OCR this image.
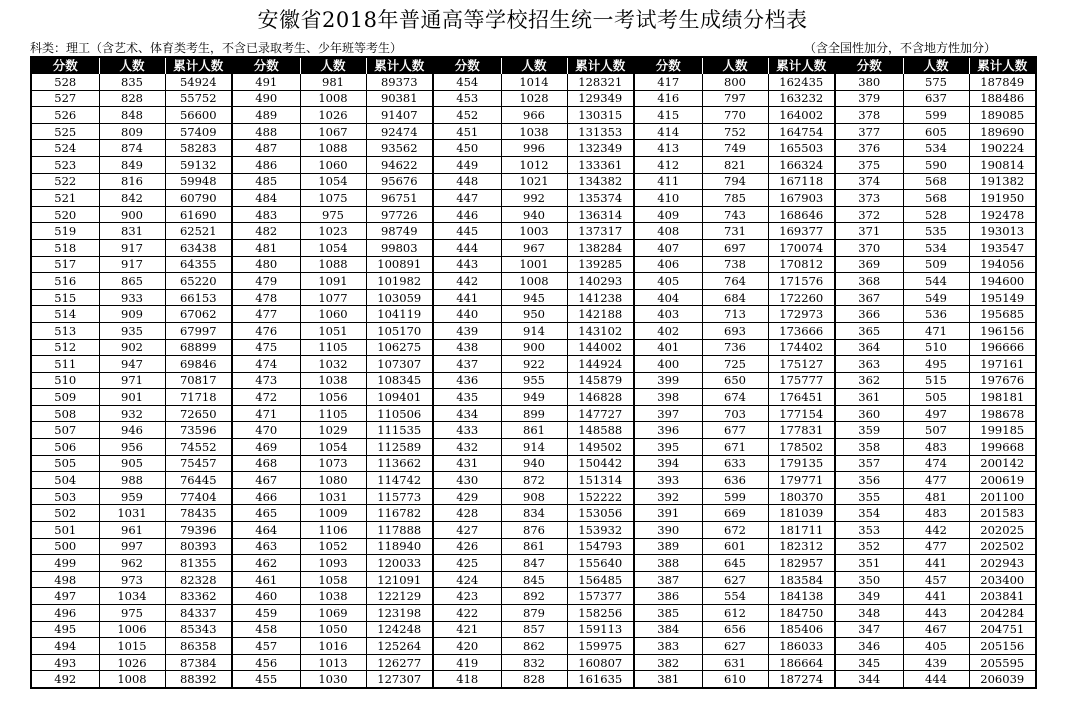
安徽省2018年普通高等学校招生统一考试考生成绩分档表
科类：理工（含艺术、体育类考生，不含已录取考生、少年班等考生）	（含全国性加分，不含地方性加分）
分数	人数	累计人数	分数	人数	累计人数	分数	人数	累计人数	分数	人数	累计人数	分数	人数	累计人数
528	835	54924	491	981	89373	454	1014	128321	417	800	162435	380	575	187849
527	828	55752	490	1008	90381	453	1028	129349	416	797	163232	379	637	188486
526	848	56600	489	1026	91407	452	966	130315	415	770	164002	378	599	189085
525	809	57409	488	1067	92474	451	1038	131353	414	752	164754	377	605	189690
524	874	58283	487	1088	93562	450	996	132349	413	749	165503	376	534	190224
523	849	59132	486	1060	94622	449	1012	133361	412	821	166324	375	590	190814
522	816	59948	485	1054	95676	448	1021	134382	411	794	167118	374	568	191382
521	842	60790	484	1075	96751	447	992	135374	410	785	167903	373	568	191950
520	900	61690	483	975	97726	446	940	136314	409	743	168646	372	528	192478
519	831	62521	482	1023	98749	445	1003	137317	408	731	169377	371	535	193013
518	917	63438	481	1054	99803	444	967	138284	407	697	170074	370	534	193547
517	917	64355	480	1088	100891	443	1001	139285	406	738	170812	369	509	194056
516	865	65220	479	1091	101982	442	1008	140293	405	764	171576	368	544	194600
515	933	66153	478	1077	103059	441	945	141238	404	684	172260	367	549	195149
514	909	67062	477	1060	104119	440	950	142188	403	713	172973	366	536	195685
513	935	67997	476	1051	105170	439	914	143102	402	693	173666	365	471	196156
512	902	68899	475	1105	106275	438	900	144002	401	736	174402	364	510	196666
511	947	69846	474	1032	107307	437	922	144924	400	725	175127	363	495	197161
510	971	70817	473	1038	108345	436	955	145879	399	650	175777	362	515	197676
509	901	71718	472	1056	109401	435	949	146828	398	674	176451	361	505	198181
508	932	72650	471	1105	110506	434	899	147727	397	703	177154	360	497	198678
507	946	73596	470	1029	111535	433	861	148588	396	677	177831	359	507	199185
506	956	74552	469	1054	112589	432	914	149502	395	671	178502	358	483	199668
505	905	75457	468	1073	113662	431	940	150442	394	633	179135	357	474	200142
504	988	76445	467	1080	114742	430	872	151314	393	636	179771	356	477	200619
503	959	77404	466	1031	115773	429	908	152222	392	599	180370	355	481	201100
502	1031	78435	465	1009	116782	428	834	153056	391	669	181039	354	483	201583
501	961	79396	464	1106	117888	427	876	153932	390	672	181711	353	442	202025
500	997	80393	463	1052	118940	426	861	154793	389	601	182312	352	477	202502
499	962	81355	462	1093	120033	425	847	155640	388	645	182957	351	441	202943
498	973	82328	461	1058	121091	424	845	156485	387	627	183584	350	457	203400
497	1034	83362	460	1038	122129	423	892	157377	386	554	184138	349	441	203841
496	975	84337	459	1069	123198	422	879	158256	385	612	184750	348	443	204284
495	1006	85343	458	1050	124248	421	857	159113	384	656	185406	347	467	204751
494	1015	86358	457	1016	125264	420	862	159975	383	627	186033	346	405	205156
493	1026	87384	456	1013	126277	419	832	160807	382	631	186664	345	439	205595
492	1008	88392	455	1030	127307	418	828	161635	381	610	187274	344	444	206039
